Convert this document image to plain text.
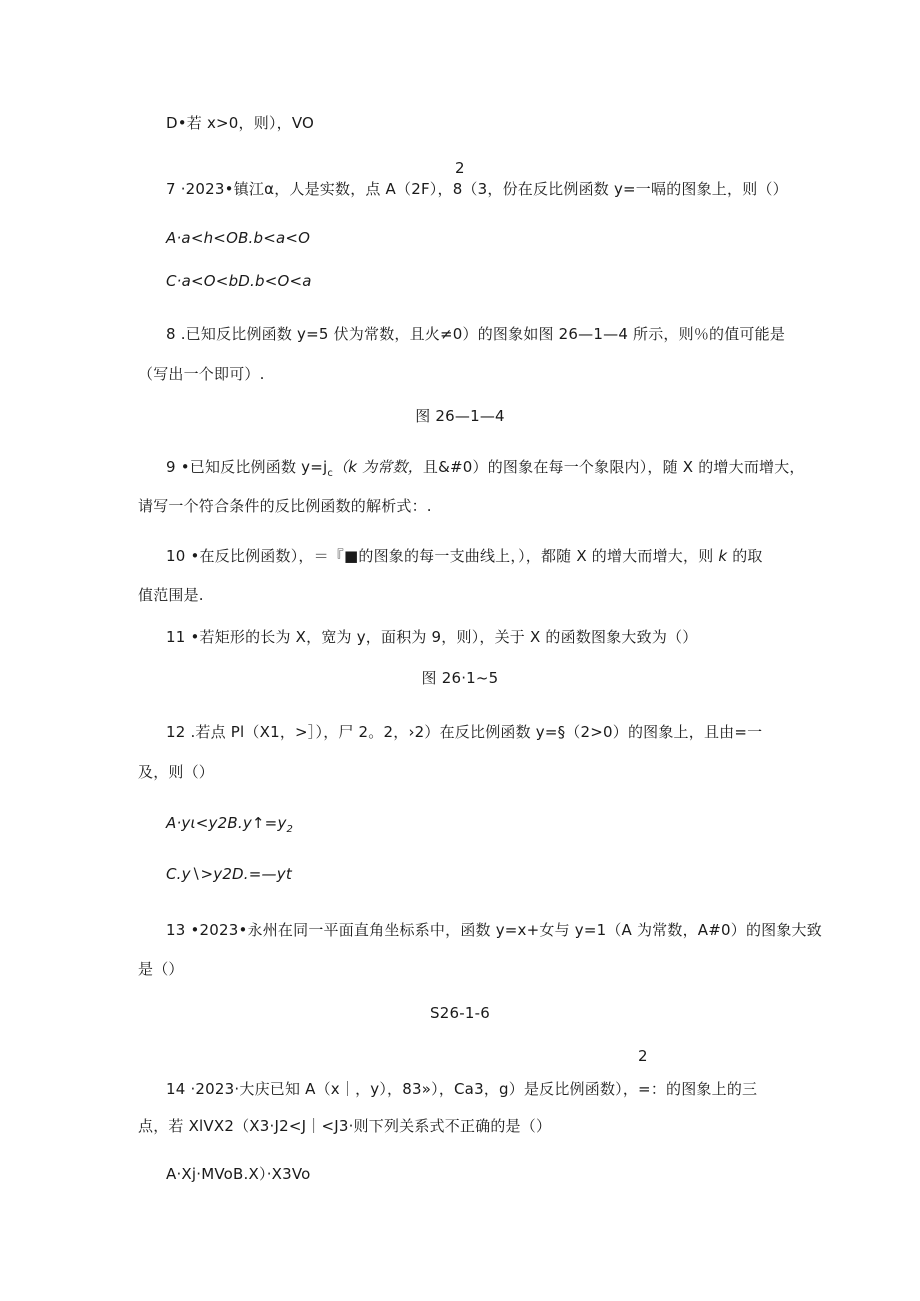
D•若 x>0，则），VO
2
7 ·2023•镇江α，人是实数，点 A（2F），8（3，份在反比例函数 y=一嗝的图象上，则（）
A·a<h<OB.b<a<O
C·a<O<bD.b<O<a
8 .已知反比例函数 y=5 伏为常数，且火≠0）的图象如图 26—1—4 所示，则％的值可能是
（写出一个即可）.
图 26—1—4
9 •已知反比例函数 $y=j_c(k$ 为常数，且&#0）的图象在每一个象限内），随 X 的增大而增大，
请写一个符合条件的反比例函数的解析式：.
10 •在反比例函数），＝『■的图象的每一支曲线上，），都随 X 的增大而增大，则 k 的取
值范围是.
11 •若矩形的长为 X，宽为 y，面积为 9，则），关于 X 的函数图象大致为（）
图 26·1~5
12 .若点 Pl（X1，>］），尸 2。2，›2）在反比例函数 y=§（2>0）的图象上，且由=一
及，则（）
$A\cdot y\iota<y2B.y↑=y_2$
C.y∖>y2D.=—yt
13 •2023•永州在同一平面直角坐标系中，函数 y=x+女与 y=1（A 为常数，A#0）的图象大致
是（）
S26-1-6
2
14 ·2023·大庆已知 A（x｜，y），83»），Ca3，g）是反比例函数），=：的图象上的三
点，若 XlVX2（X3·J2<J｜<J3·则下列关系式不正确的是（）
A·Xj·MVoB.X）·X3Vo
